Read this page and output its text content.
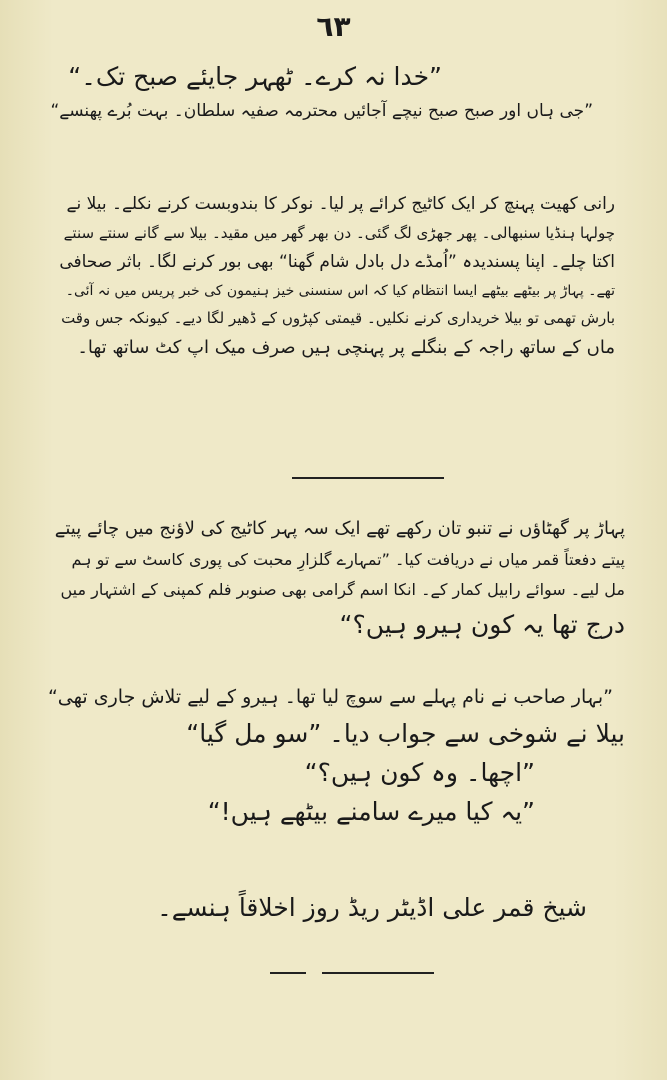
٦٣
”خدا نہ کرے۔ ٹھہر جایئے صبح تک۔“
”جی ہاں اور صبح صبح نیچے آجائیں محترمہ صفیہ سلطان۔ بہت بُرے پھنسے“
رانی کھیت پہنچ کر ایک کاٹیج کرائے پر لیا۔ نوکر کا بندوبست کرنے نکلے۔ بیلا نے
چولہا ہنڈیا سنبھالی۔ پھر جھڑی لگ گئی۔ دن بھر گھر میں مقید۔ بیلا سے گانے سنتے سنتے
اکتا چلے۔ اپنا پسندیدہ ”اُمڈے دل بادل شام گھنا“ بھی بور کرنے لگا۔ باثر صحافی
تھے۔ پہاڑ پر بیٹھے بیٹھے ایسا انتظام کیا کہ اس سنسنی خیز ہنیمون کی خبر پریس میں نہ آئی۔
بارش تھمی تو بیلا خریداری کرنے نکلیں۔ قیمتی کپڑوں کے ڈھیر لگا دیے۔ کیونکہ جس وقت
ماں کے ساتھ راجہ کے بنگلے پر پہنچی ہیں صرف میک اپ کٹ ساتھ تھا۔
پہاڑ پر گھٹاؤں نے تنبو تان رکھے تھے ایک سہ پہر کاٹیج کی لاؤنج میں چائے پیتے
پیتے دفعتاً قمر میاں نے دریافت کیا۔ ”تمہارے گلزارِ محبت کی پوری کاسٹ سے تو ہم
مل لیے۔ سوائے رابیل کمار کے۔ انکا اسم گرامی بھی صنوبر فلم کمپنی کے اشتہار میں
درج تھا یہ کون ہیرو ہیں؟“
”بہار صاحب نے نام پہلے سے سوچ لیا تھا۔ ہیرو کے لیے تلاش جاری تھی“
بیلا نے شوخی سے جواب دیا۔ ”سو مل گیا“
”اچھا۔ وہ کون ہیں؟“
”یہ کیا میرے سامنے بیٹھے ہیں!“
شیخ قمر علی اڈیٹر ریڈ روز اخلاقاً ہنسے۔
